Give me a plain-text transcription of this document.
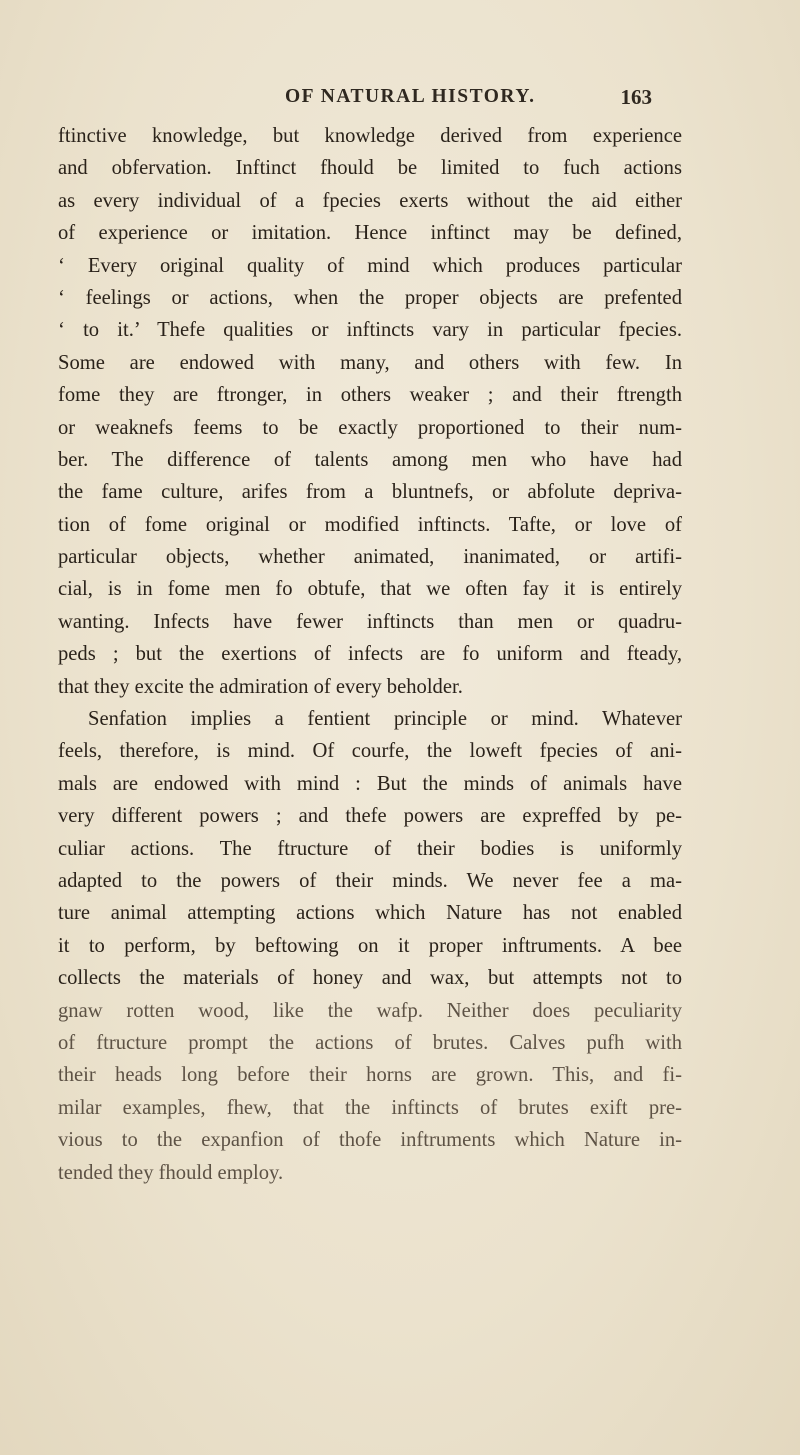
OF NATURAL HISTORY.	163
ftinctive knowledge, but knowledge derived from experience
and obfervation. Inftinct fhould be limited to fuch actions
as every individual of a fpecies exerts without the aid either
of experience or imitation. Hence inftinct may be defined,
‘ Every original quality of mind which produces particular
‘ feelings or actions, when the proper objects are prefented
‘ to it.’ Thefe qualities or inftincts vary in particular fpecies.
Some are endowed with many, and others with few. In
fome they are ftronger, in others weaker ; and their ftrength
or weaknefs feems to be exactly proportioned to their num-
ber. The difference of talents among men who have had
the fame culture, arifes from a bluntnefs, or abfolute depriva-
tion of fome original or modified inftincts. Tafte, or love of
particular objects, whether animated, inanimated, or artifi-
cial, is in fome men fo obtufe, that we often fay it is entirely
wanting. Infects have fewer inftincts than men or quadru-
peds ; but the exertions of infects are fo uniform and fteady,
that they excite the admiration of every beholder.
Senfation implies a fentient principle or mind. Whatever
feels, therefore, is mind. Of courfe, the loweft fpecies of ani-
mals are endowed with mind : But the minds of animals have
very different powers ; and thefe powers are expreffed by pe-
culiar actions. The ftructure of their bodies is uniformly
adapted to the powers of their minds. We never fee a ma-
ture animal attempting actions which Nature has not enabled
it to perform, by beftowing on it proper inftruments. A bee
collects the materials of honey and wax, but attempts not to
gnaw rotten wood, like the wafp. Neither does peculiarity
of ftructure prompt the actions of brutes. Calves pufh with
their heads long before their horns are grown. This, and fi-
milar examples, fhew, that the inftincts of brutes exift pre-
vious to the expanfion of thofe inftruments which Nature in-
tended they fhould employ.
